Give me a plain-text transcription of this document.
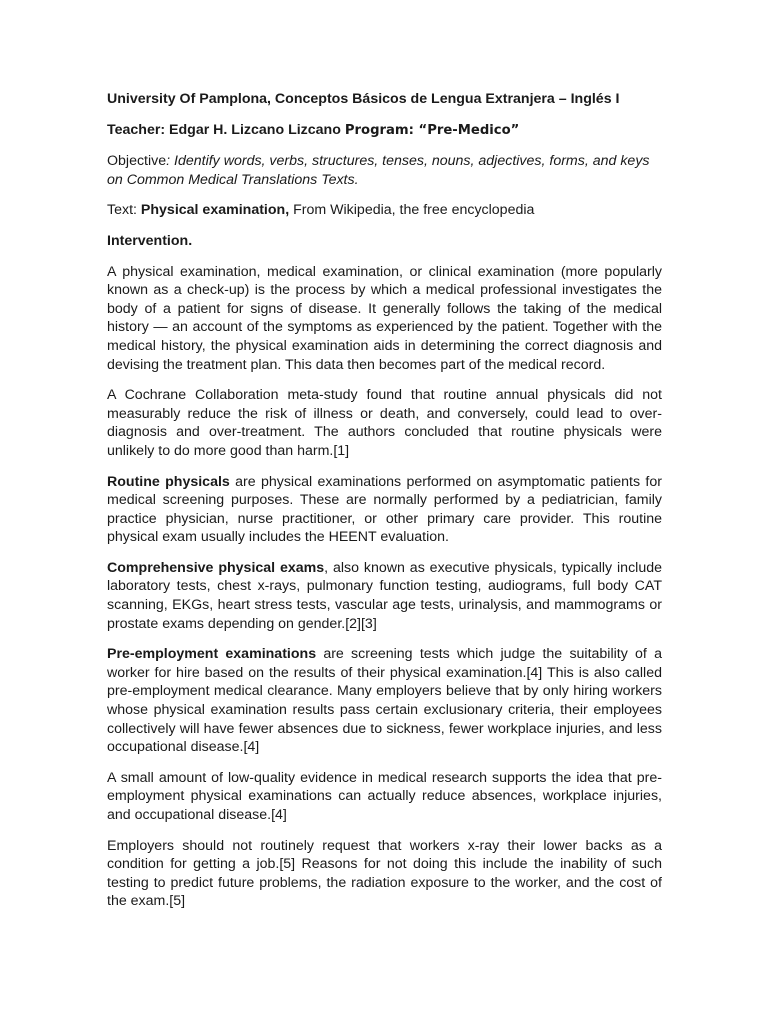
University Of Pamplona, Conceptos Básicos de Lengua Extranjera – Inglés I

Teacher: Edgar H. Lizcano Lizcano Program: “Pre-Medico”

Objective: Identify words, verbs, structures, tenses, nouns, adjectives, forms, and keys on Common Medical Translations Texts.

Text: Physical examination, From Wikipedia, the free encyclopedia

Intervention.

A physical examination, medical examination, or clinical examination (more popularly known as a check-up) is the process by which a medical professional investigates the body of a patient for signs of disease. It generally follows the taking of the medical history — an account of the symptoms as experienced by the patient. Together with the medical history, the physical examination aids in determining the correct diagnosis and devising the treatment plan. This data then becomes part of the medical record.

A Cochrane Collaboration meta-study found that routine annual physicals did not measurably reduce the risk of illness or death, and conversely, could lead to over-diagnosis and over-treatment. The authors concluded that routine physicals were unlikely to do more good than harm.[1]

Routine physicals are physical examinations performed on asymptomatic patients for medical screening purposes. These are normally performed by a pediatrician, family practice physician, nurse practitioner, or other primary care provider. This routine physical exam usually includes the HEENT evaluation.

Comprehensive physical exams, also known as executive physicals, typically include laboratory tests, chest x-rays, pulmonary function testing, audiograms, full body CAT scanning, EKGs, heart stress tests, vascular age tests, urinalysis, and mammograms or prostate exams depending on gender.[2][3]

Pre-employment examinations are screening tests which judge the suitability of a worker for hire based on the results of their physical examination.[4] This is also called pre-employment medical clearance. Many employers believe that by only hiring workers whose physical examination results pass certain exclusionary criteria, their employees collectively will have fewer absences due to sickness, fewer workplace injuries, and less occupational disease.[4]

A small amount of low-quality evidence in medical research supports the idea that pre-employment physical examinations can actually reduce absences, workplace injuries, and occupational disease.[4]

Employers should not routinely request that workers x-ray their lower backs as a condition for getting a job.[5] Reasons for not doing this include the inability of such testing to predict future problems, the radiation exposure to the worker, and the cost of the exam.[5]
